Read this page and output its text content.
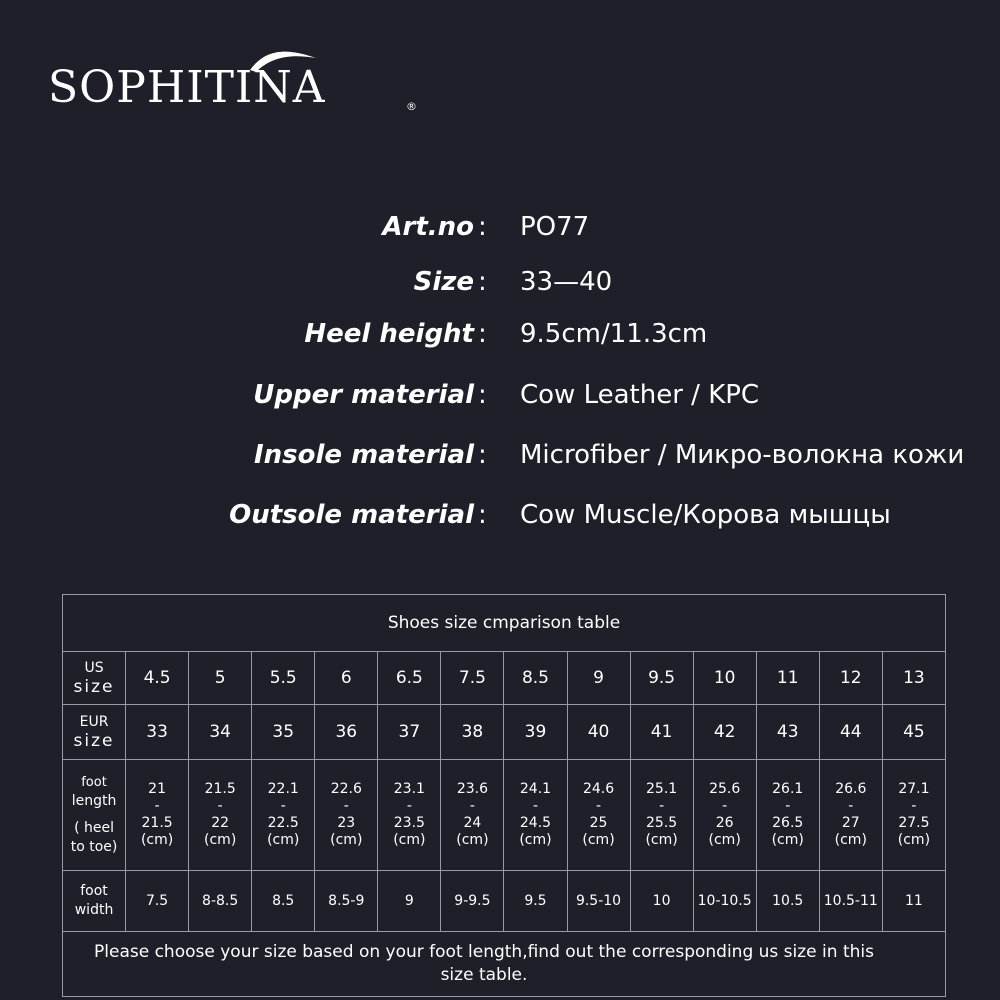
SOPHITINA	®
Art.no : PO77
Size : 33—40
Heel height : 9.5cm/11.3cm
Upper material : Cow Leather / KPC
Insole material : Microfiber / Микро-волокна кожи
Outsole material : Cow Muscle/Корова мышцы
Shoes size cmparison table													

US
size	4.5	5	5.5	6	6.5	7.5	8.5	9	9.5	10	11	12	13

EUR
size	33	34	35	36	37	38	39	40	41	42	43	44	45

foot
length
( heel
to toe)	21
-
21.5
(cm)	21.5
-
22
(cm)	22.1
-
22.5
(cm)	22.6
-
23
(cm)	23.1
-
23.5
(cm)	23.6
-
24
(cm)	24.1
-
24.5
(cm)	24.6
-
25
(cm)	25.1
-
25.5
(cm)	25.6
-
26
(cm)	26.1
-
26.5
(cm)	26.6
-
27
(cm)	27.1
-
27.5
(cm)

foot
width	7.5	8-8.5	8.5	8.5-9	9	9-9.5	9.5	9.5-10	10	10-10.5	10.5	10.5-11	11
Please choose your size based on your foot length,find out the corresponding us size in this size table.													
